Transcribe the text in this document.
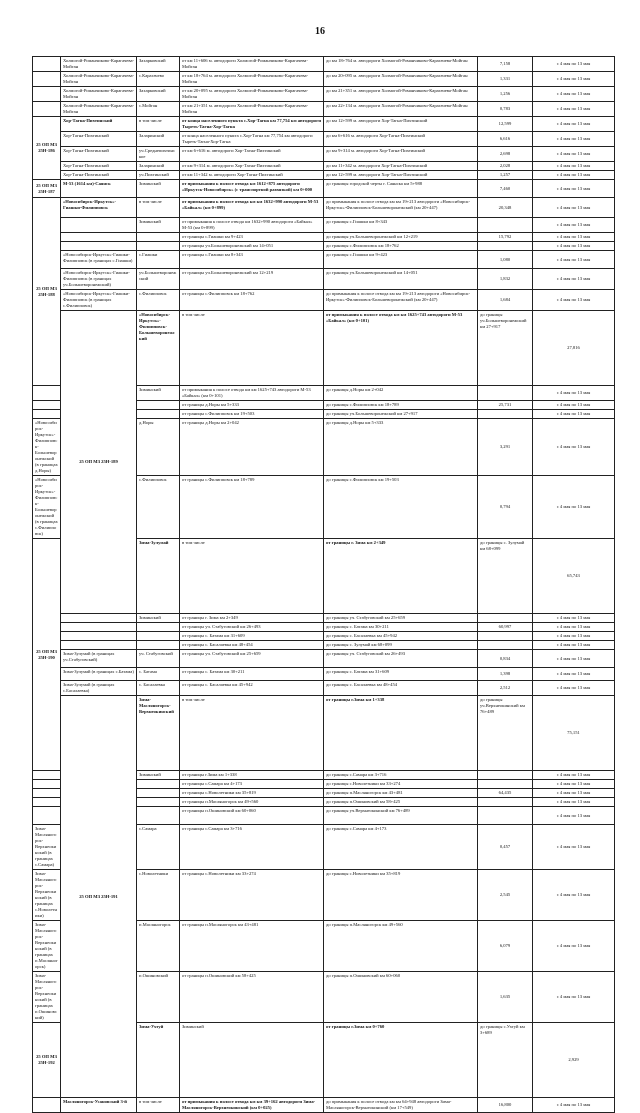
16
	Холмогой-Романчиково-Карагачева-Мойган	Захарковский	от км 11+606 м. автодороги Холмогой-Романчиково-Карагачева-Мойган	до км 18+764 м. автодороги Холмогой-Романчиково-Карагачева-Мойган	7,158	с 4 мая по 13 мая	
	Холмогой-Романчиково-Карагачева-Мойган	с.Карагачево	от км 18+764 м. автодороги Холмогой-Романчиково-Карагачева-Мойган	до км 20+095 м. автодороги Холмогой-Романчиково-Карагачева-Мойган	1,331	с 4 мая по 13 мая	
	Холмогой-Романчиково-Карагачева-Мойган	Захарковский	от км 20+095 м. автодороги Холмогой-Романчиково-Карагачева-Мойган	до км 21+351 м. автодороги Холмогой-Романчиково-Карагачева-Мойган	1,256	с 4 мая по 13 мая	
	Холмогой-Романчиково-Карагачева-Мойган	с.Мойган	от км 21+351 м. автодороги Холмогой-Романчиково-Карагачева-Мойган	до км 22+134 м. автодороги Холмогой-Романчиково-Карагачева-Мойган	0,783	с 4 мая по 13 мая	
25 ОП МЗ 25Н-186	Хор-Тагна-Пихтинский	в том числе	от конца населенного пункта с.Хор-Тагна км 77,754 км автодороги Тыреть-Тагна-Хор-Тагна	до км 12+599 м. автодороги Хор-Тагна-Пихтинский	12,599	с 4 мая по 13 мая	
	Хор-Тагна-Пихтинский	Заларинский	от конца населенного пункта с.Хор-Тагна км 77,754 км автодороги Тыреть-Тагна-Хор-Тагна	до км 6+616 м. автодороги Хор-Тагна-Пихтинский	6,616	с 4 мая по 13 мая	
	Хор-Тагна-Пихтинский	уч.Среднепихтинское	от км 6+616 м. автодороги Хор-Тагна-Пихтинский	до км 9+314 м. автодороги Хор-Тагна-Пихтинский	2,698	с 4 мая по 13 мая	
	Хор-Тагна-Пихтинский	Заларинский	от км 9+314 м. автодороги Хор-Тагна-Пихтинский	до км 11+342 м. автодороги Хор-Тагна-Пихтинский	2,028	с 4 мая по 13 мая	
	Хор-Тагна-Пихтинский	уч.Пихтинский	от км 11+342 м. автодороги Хор-Тагна-Пихтинский	до км 12+599 м. автодороги Хор-Тагна-Пихтинский	1,257	с 4 мая по 13 мая	
25 ОП МЗ 25Н-187	М-53 (1614 км)-Саянск	Зиминский	от примыкания к полосе отвода км 1612+875 автодороги «Иркутск-Новосибирск» (с транспортной развязкой) км 0+000	до границы городской черты г. Саянска км 5+988	7,460	с 4 мая по 13 мая	
25 ОП МЗ 25Н-188	«Новосибирск-Иркутск»-Гиашки-Филипповск	в том числе	от примыкания к полосе отвода км км 1632+990 автодороги М-53 «Байкал» (км 0+899)	до примыкания к полосе отвода км км 19+213 автодороги «Новосибирск-Иркутск»-Филипповск-Большеворонежский (км 20+447)	20,348	с 4 мая по 13 мая	
		Зиминский	от примыкания к полосе отвода км 1632+990 автодороги «Байкал» М-53 (км 0+899)	до границы с.Гиашки км 8+343		с 4 мая по 13 мая	
			от границы с.Гиашки км 9+423	до границы уч.Большеворонежский км 12+219	15,792	с 4 мая по 13 мая	
			от границы уч.Большеворонежский км 14+051	до границы с.Филипповск км 18+762		с 4 мая по 13 мая	
	«Новосибирск-Иркутск»-Гиашки-Филипповск (в границах с.Гиашки)	с.Гиашки	от границы с.Гиашки км 8+343	до границы с.Гиашки км 9+423	1,080	с 4 мая по 13 мая	
	«Новосибирск-Иркутск»-Гиашки-Филипповск (в границах уч.Большеворонежский)	уч.Большеворонежский	от границы уч.Большеворонежский км 12+219	до границы уч.Большеворонежский км 14+051	1,832	с 4 мая по 13 мая	
	«Новосибирск-Иркутск»-Гиашки-Филипповск (в границах с.Филипповск)	с.Филипповск	от границы с.Филипповск км 18+762	до примыкания к полосе отвода км км 19+213 автодороги «Новосибирск-Иркутск»-Филипповск-Большеворонежский (км 20+447)	1,684	с 4 мая по 13 мая	
	25 ОП МЗ 25Н-189	«Новосибирск-Иркутск»-Филипповск-Большеворонежский	в том числе	от примыкания к полосе отвода км км 1625+743 автодороги М-53 «Байкал» (км 0+101)	до границы уч.Большеворонежский км 27+917	27,816	
		Зиминский	от примыкания к полосе отвода км км 1625+743 автодороги М-53 «Байкал» (км 0+101)	до границы д.Норы км 2+042		с 4 мая по 13 мая	
			от границы д.Норы км 5+333	до границы с.Филипповск км 18+789	25,731	с 4 мая по 13 мая	
			от границы с.Филипповск км 19+503	до границы уч.Большеворонежский км 27+917		с 4 мая по 13 мая	
«Новосибирск-Иркутск»-Филипповск-Большеворонежский (в границах д.Норы)		д.Норы	от границы д.Норы км 2+042	до границы д.Норы км 5+333	3,291	с 4 мая по 13 мая	
«Новосибирск-Иркутск»-Филипповск-Большеворонежский (в границах с.Филипповск)		с.Филипповск	от границы с.Филипповск км 18+789	до границы с.Филипповск км 19+503	0,794	с 4 мая по 13 мая	
25 ОП МЗ 25Н-190		Зима-Зулумай	в том числе	от границы г. Зима км 2+349	до границы с. Зулумай км 68+099	65,743	
		Зиминский	от границы г. Зима км 2+349	до границы уч. Стабуговский км 25+659		с 4 мая по 13 мая	
			от границы уч. Стабуговский км 26+493	до границы с. Батама км 30+211	60,997	с 4 мая по 13 мая	
			от границы с. Батама км 31+609	до границы с. Басалаевка км 45+942		с 4 мая по 13 мая	
			от границы с. Басалаевка км 48+454	до границы с. Зулумай км 68+099		с 4 мая по 13 мая	
	Зима-Зулумай (в границах уч.Стабуговский)	уч. Стабуговский	от границы уч. Стабуговский км 25+659	до границы уч. Стабуговский км 26+493	0,834	с 4 мая по 13 мая	
	Зима-Зулумай (в границах с.Батама)	с. Батама	от границы с. Батама км 30+211	до границы с. Батама км 31+609	1,398	с 4 мая по 13 мая	
	Зима-Зулумай (в границах с.Басалаевка)	с. Басалаевка	от границы с. Басалаевка км 45+942	до границы с. Басалаевка км 48+454	2,512	с 4 мая по 13 мая	
	25 ОП МЗ 25Н-191	Зима-Масляногорск-Верхнеокинский	в том числе	от границы г.Зима км 1+338	до границы уч.Верхнеокинский км 76+489	75,151	
		Зиминский	от границы г.Зима км 1+338	до границы с.Самара км 3+716		с 4 мая по 13 мая	
			от границы с.Самара км 4+173	до границы с.Новолетники км 33+274		с 4 мая по 13 мая	
			от границы с.Новолетники км 35+819	до границы п.Масляногорск км 43+481	64,435	с 4 мая по 13 мая	
			от границы п.Масляногорск км 49+560	до границы п.Ошиновский км 58+425		с 4 мая по 13 мая	
			от границы п.Ошиновский км 60+060	до границы уч.Верхнеокинский км 76+489		с 4 мая по 13 мая	
Зима-Масляногорск-Верхнеокинский (в границах с.Самара)		с.Самара	от границы с.Самара км 3+716	до границы с.Самара км 4+173	0,457	с 4 мая по 13 мая	
Зима-Масляногорск-Верхнеокинский (в границах с.Новолетники)		с.Новолетники	от границы с.Новолетники км 33+274	до границы с.Новолетники км 35+819	2,545	с 4 мая по 13 мая	
Зима-Масляногорск-Верхнеокинский (в границах п.Масляногорск)		п.Масляногорск	от границы п.Масляногорск км 43+481	до границы п.Масляногорск км 49+560	6,079	с 4 мая по 13 мая	
Зима-Масляногорск-Верхнеокинский (в границах п.Ошиновский)		п.Ошиновский	от границы п.Ошиновский км 58+425	до границы п.Ошиновский км 60+060	1,635	с 4 мая по 13 мая	
25 ОП МЗ 25Н-192		Зима-Ухтуй	Зиминский	от границы г.Зима км 0+760	до границы с.Ухтуй км 3+689	2,929	
	Масляногорск-Усановский 3-й	в том числе	от примыкания к полосе отвода км км 39+162 автодороги Зима-Масляногорск-Верхнеокинский (км 0+025)	до примыкания к полосе отвода км км 64+948 автодороги Зима-Масляногорск-Верхнеокинский (км 17+549)	16,800	с 4 мая по 13 мая	
